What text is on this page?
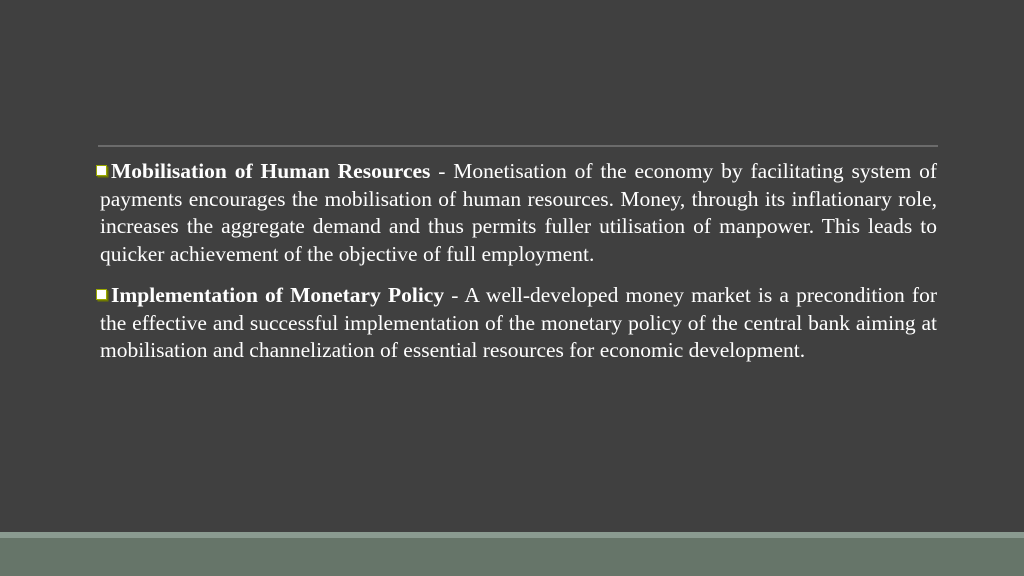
Mobilisation of Human Resources - Monetisation of the economy by facilitating system of payments encourages the mobilisation of human resources. Money, through its inflationary role, increases the aggregate demand and thus permits fuller utilisation of manpower. This leads to quicker achievement of the objective of full employment.

Implementation of Monetary Policy - A well-developed money market is a precondition for the effective and successful implementation of the monetary policy of the central bank aiming at mobilisation and channelization of essential resources for economic development.
